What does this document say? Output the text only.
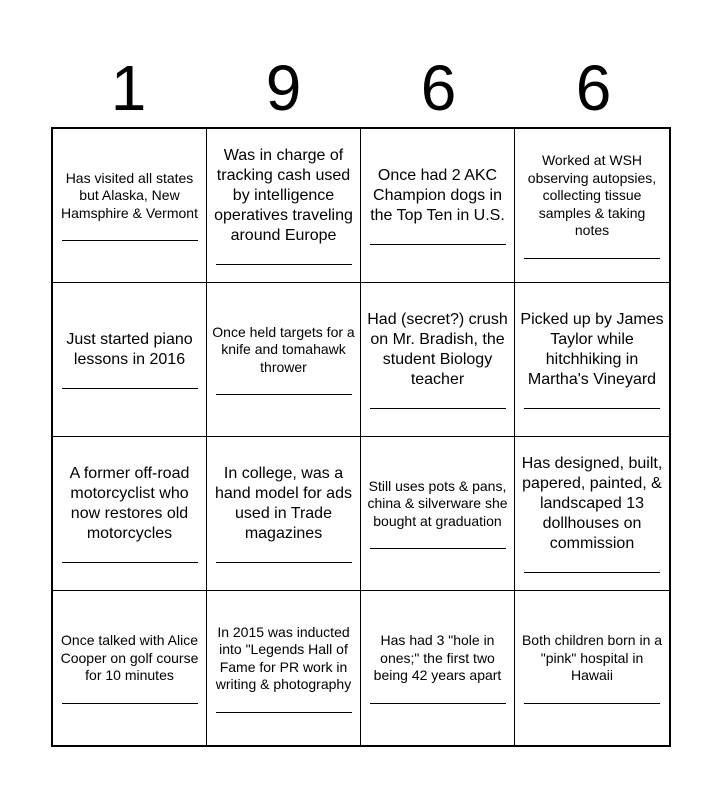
1	9	6	6
Has visited all states but Alaska, New Hamsphire & Vermont
Was in charge of tracking cash used by intelligence operatives traveling around Europe
Once had 2 AKC Champion dogs in the Top Ten in U.S.
Worked at WSH observing autopsies, collecting tissue samples & taking notes
Just started piano lessons in 2016
Once held targets for a knife and tomahawk thrower
Had (secret?) crush on Mr. Bradish, the student Biology teacher
Picked up by James Taylor while hitchhiking in Martha's Vineyard
A former off-road motorcyclist who now restores old motorcycles
In college, was a hand model for ads used in Trade magazines
Still uses pots & pans, china & silverware she bought at graduation
Has designed, built, papered, painted, & landscaped 13 dollhouses on commission
Once talked with Alice Cooper on golf course for 10 minutes
In 2015 was inducted into "Legends Hall of Fame for PR work in writing & photography
Has had 3 "hole in ones;" the first two being 42 years apart
Both children born in a "pink" hospital in Hawaii
